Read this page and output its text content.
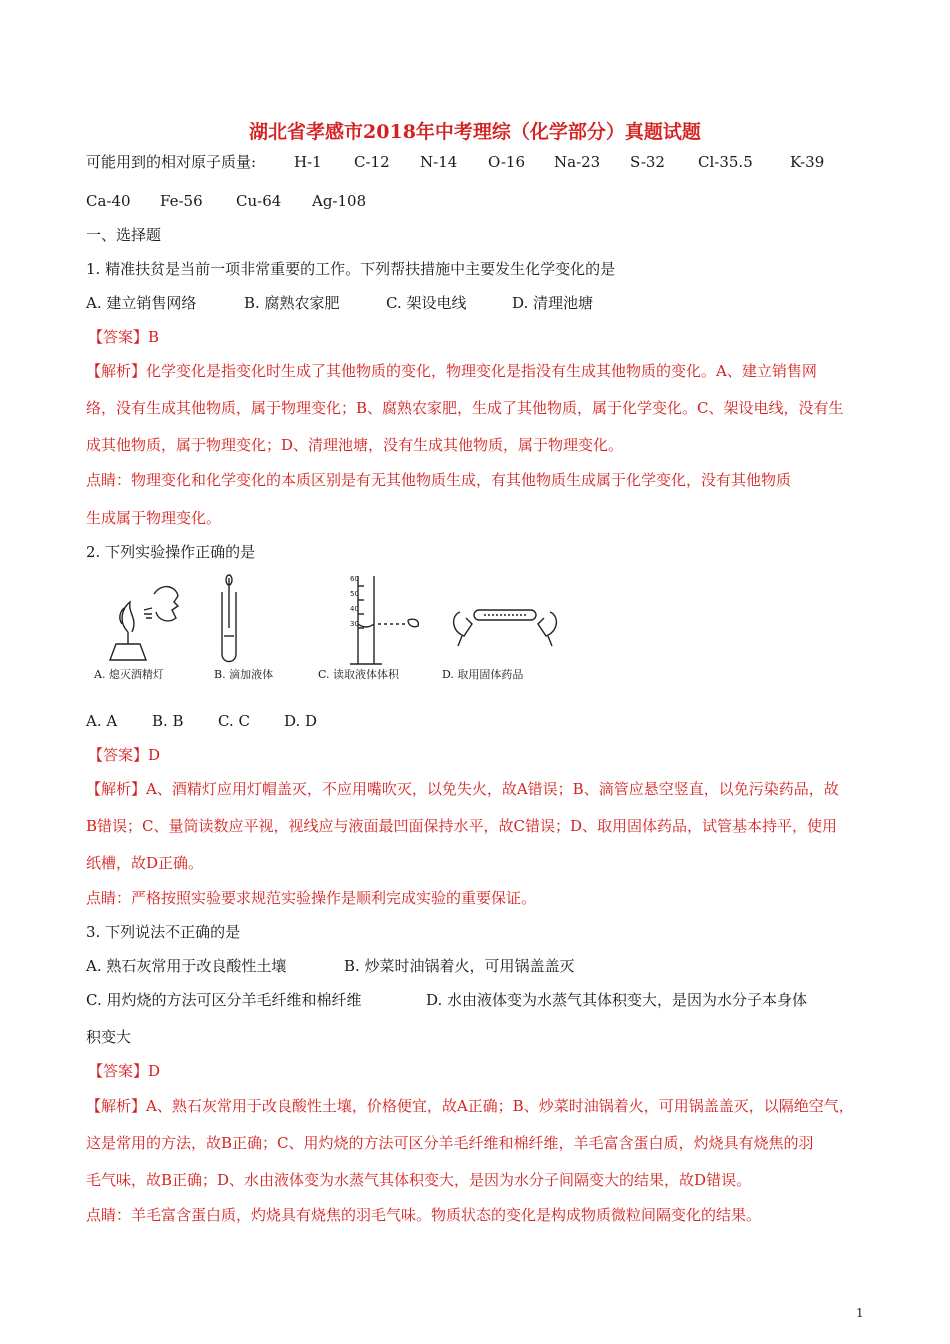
湖北省孝感市2018年中考理综（化学部分）真题试题
可能用到的相对原子质量:	H-1 C-12 N-14 O-16 Na-23 S-32 Cl-35.5 K-39
Ca-40 Fe-56 Cu-64 Ag-108
一、选择题
1. 精准扶贫是当前一项非常重要的工作。下列帮扶措施中主要发生化学变化的是
A. 建立销售网络	B. 腐熟农家肥	C. 架设电线	D. 清理池塘
【答案】B
【解析】化学变化是指变化时生成了其他物质的变化，物理变化是指没有生成其他物质的变化。A、建立销售网
络，没有生成其他物质，属于物理变化；B、腐熟农家肥，生成了其他物质，属于化学变化。C、架设电线，没有生
成其他物质，属于物理变化；D、清理池塘，没有生成其他物质，属于物理变化。
点睛：物理变化和化学变化的本质区别是有无其他物质生成，有其他物质生成属于化学变化，没有其他物质
生成属于物理变化。
2. 下列实验操作正确的是
60
50
40
30
A. 熄灭酒精灯	B. 滴加液体	C. 读取液体体积	D. 取用固体药品
A. A B. B C. C D. D
【答案】D
【解析】A、酒精灯应用灯帽盖灭，不应用嘴吹灭，以免失火，故A错误；B、滴管应悬空竖直，以免污染药品，故
B错误；C、量筒读数应平视，视线应与液面最凹面保持水平，故C错误；D、取用固体药品，试管基本持平，使用
纸槽，故D正确。
点睛：严格按照实验要求规范实验操作是顺利完成实验的重要保证。
3. 下列说法不正确的是
A. 熟石灰常用于改良酸性土壤	B. 炒菜时油锅着火，可用锅盖盖灭
C. 用灼烧的方法可区分羊毛纤维和棉纤维	D. 水由液体变为水蒸气其体积变大，是因为水分子本身体
积变大
【答案】D
【解析】A、熟石灰常用于改良酸性土壤，价格便宜，故A正确；B、炒菜时油锅着火，可用锅盖盖灭，以隔绝空气，
这是常用的方法，故B正确；C、用灼烧的方法可区分羊毛纤维和棉纤维，羊毛富含蛋白质，灼烧具有烧焦的羽
毛气味，故B正确；D、水由液体变为水蒸气其体积变大，是因为水分子间隔变大的结果，故D错误。
点睛：羊毛富含蛋白质，灼烧具有烧焦的羽毛气味。物质状态的变化是构成物质微粒间隔变化的结果。
1
